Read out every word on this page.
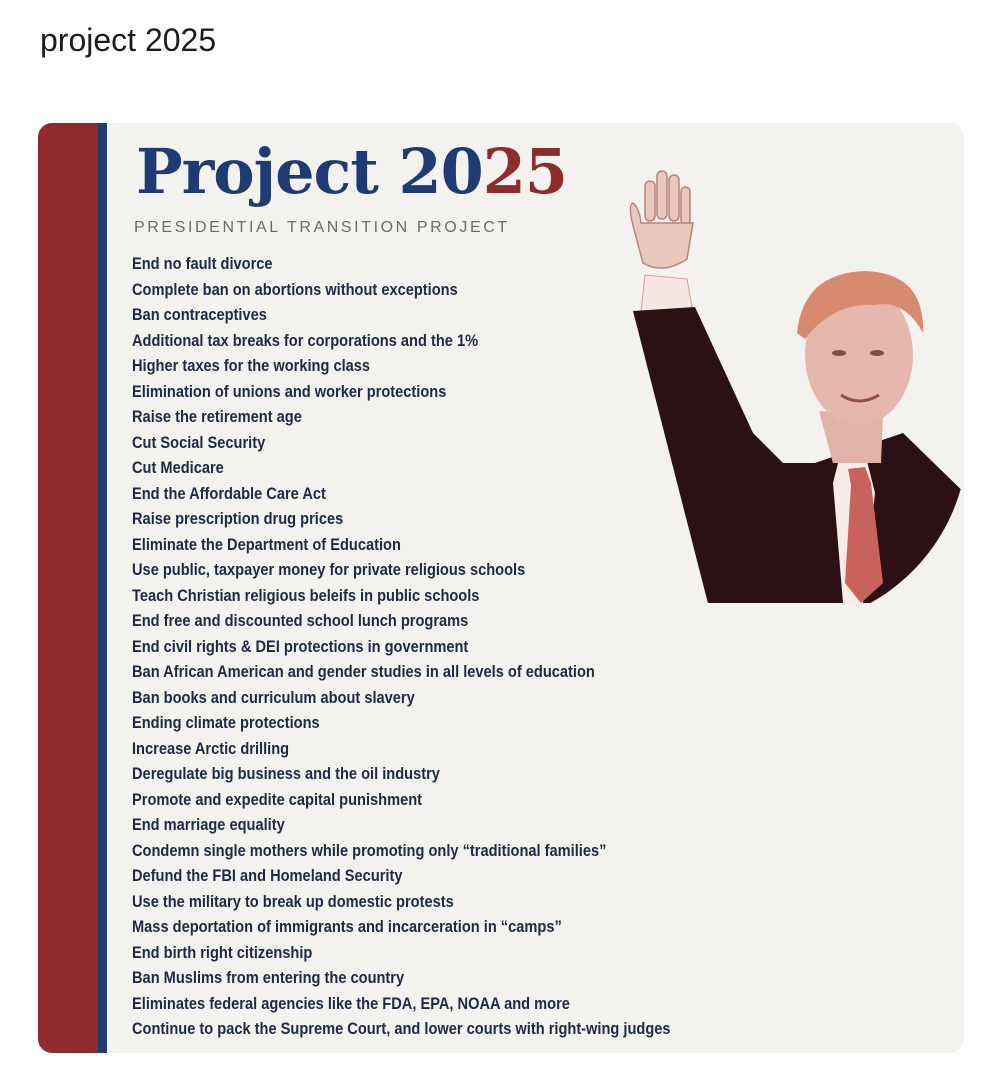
project 2025
Project 2025
PRESIDENTIAL TRANSITION PROJECT
End no fault divorce
Complete ban on abortions without exceptions
Ban contraceptives
Additional tax breaks for corporations and the 1%
Higher taxes for the working class
Elimination of unions and worker protections
Raise the retirement age
Cut Social Security
Cut Medicare
End the Affordable Care Act
Raise prescription drug prices
Eliminate the Department of Education
Use public, taxpayer money for private religious schools
Teach Christian religious beleifs in public schools
End free and discounted school lunch programs
End civil rights & DEI protections in government
Ban African American and gender studies in all levels of education
Ban books and curriculum about slavery
Ending climate protections
Increase Arctic drilling
Deregulate big business and the oil industry
Promote and expedite capital punishment
End marriage equality
Condemn single mothers while promoting only “traditional families”
Defund the FBI and Homeland Security
Use the military to break up domestic protests
Mass deportation of immigrants and incarceration in “camps”
End birth right citizenship
Ban Muslims from entering the country
Eliminates federal agencies like the FDA, EPA, NOAA and more
Continue to pack the Supreme Court, and lower courts with right-wing judges
